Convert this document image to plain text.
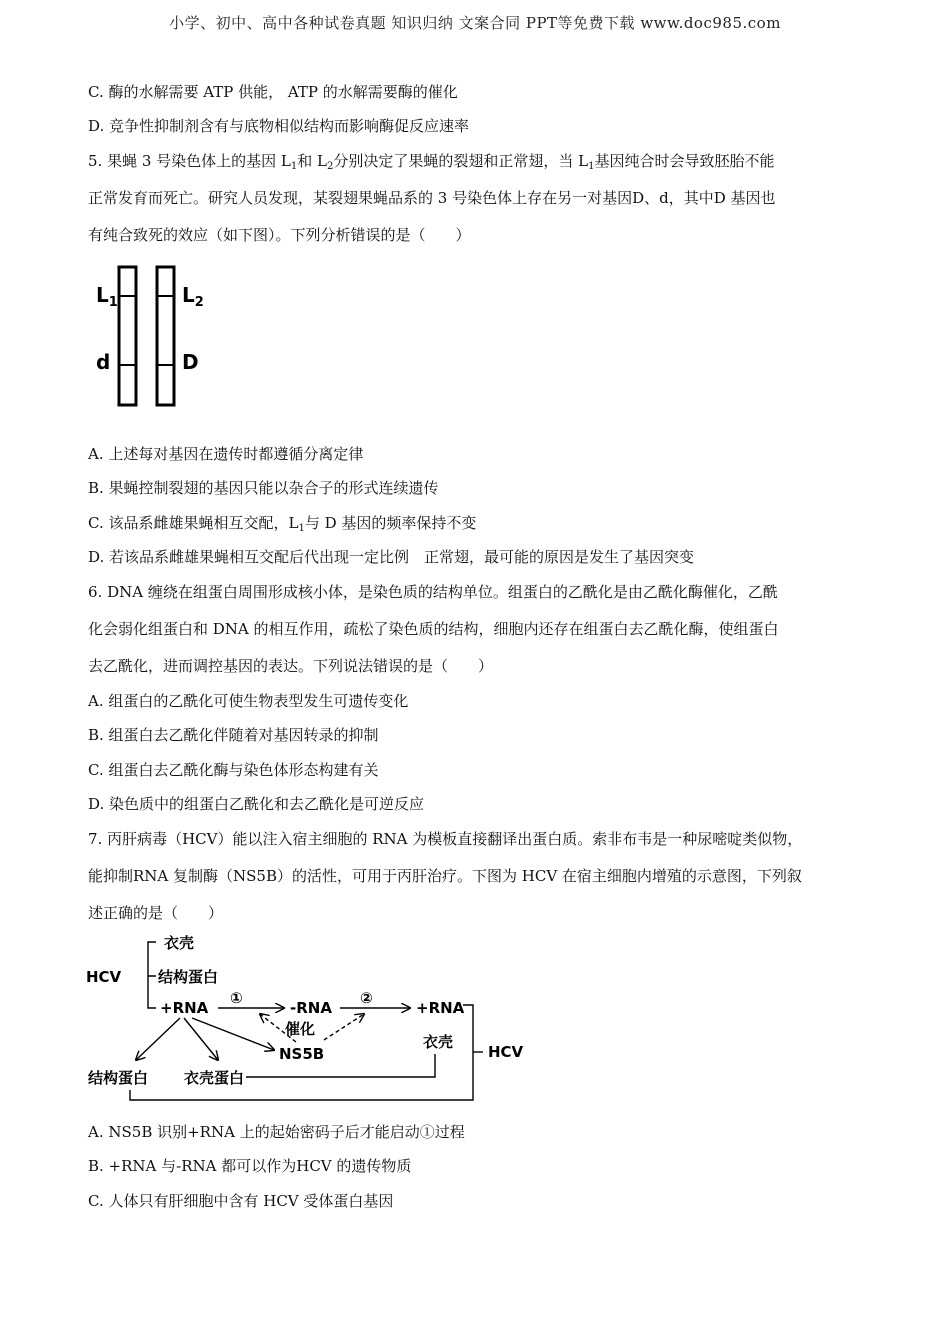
小学、初中、高中各种试卷真题 知识归纳 文案合同 PPT等免费下载 www.doc985.com
C. 酶的水解需要 ATP 供能， ATP 的水解需要酶的催化
D. 竞争性抑制剂含有与底物相似结构而影响酶促反应速率
5. 果蝇 3 号染色体上的基因 $L_1$和 $L_2$分别决定了果蝇的裂翅和正常翅，当 $L_1$基因纯合时会导致胚胎不能
正常发育而死亡。研究人员发现，某裂翅果蝇品系的 3 号染色体上存在另一对基因D、d，其中D 基因也
有纯合致死的效应（如下图）。下列分析错误的是（　　）
$L_1$	$L_2$
d	D
A. 上述每对基因在遗传时都遵循分离定律
B. 果蝇控制裂翅的基因只能以杂合子的形式连续遗传
C. 该品系雌雄果蝇相互交配，$L_1$与 D 基因的频率保持不变
D. 若该品系雌雄果蝇相互交配后代出现一定比例　正常翅，最可能的原因是发生了基因突变
6. DNA 缠绕在组蛋白周围形成核小体，是染色质的结构单位。组蛋白的乙酰化是由乙酰化酶催化，乙酰
化会弱化组蛋白和 DNA 的相互作用，疏松了染色质的结构，细胞内还存在组蛋白去乙酰化酶，使组蛋白
去乙酰化，进而调控基因的表达。下列说法错误的是（　　）
A. 组蛋白的乙酰化可使生物表型发生可遗传变化
B. 组蛋白去乙酰化伴随着对基因转录的抑制
C. 组蛋白去乙酰化酶与染色体形态构建有关
D. 染色质中的组蛋白乙酰化和去乙酰化是可逆反应
7. 丙肝病毒（HCV）能以注入宿主细胞的 RNA 为模板直接翻译出蛋白质。索非布韦是一种尿嘧啶类似物，
能抑制RNA 复制酶（NS5B）的活性，可用于丙肝治疗。下图为 HCV 在宿主细胞内增殖的示意图，下列叙
述正确的是（　　）
HCV
衣壳
结构蛋白
+RNA
①
-RNA
②
+RNA
催化
NS5B
衣壳
HCV
结构蛋白 衣壳蛋白
A. NS5B 识别+RNA 上的起始密码子后才能启动①过程
B. +RNA 与-RNA 都可以作为HCV 的遗传物质
C. 人体只有肝细胞中含有 HCV 受体蛋白基因
